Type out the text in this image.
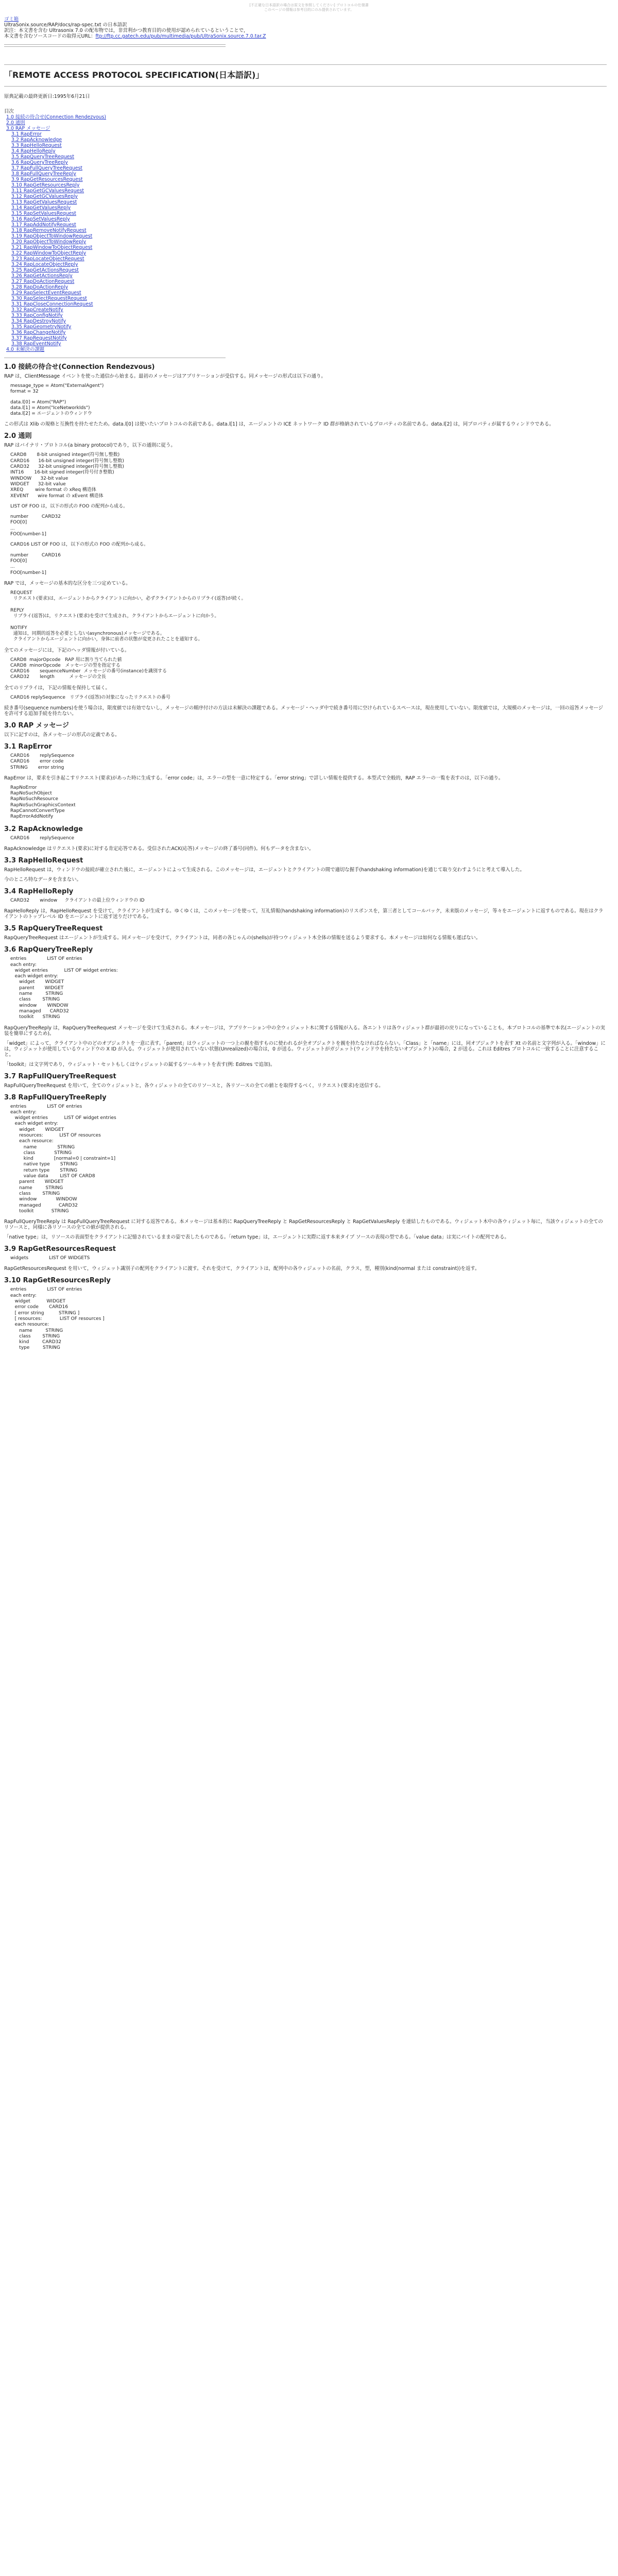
[不正確な日本語訳の場合は原文を参照してください] プロトコルの仕様書
このページの情報は参考目的にのみ提供されています。
ゴミ箱
UltraSonix.source/RAP/docs/rap-spec.txt の日本語訳
訳注：本文書を含む Ultrasonix 7.0 の配布物では，非営利かつ教育目的の使用が認められているということで，
本文書を含むソースコードの取得元URL：ftp://ftp.cc.gatech.edu/pub/multimedia/pub/UltraSonix.source.7.0.tar.Z
「REMOTE ACCESS PROTOCOL SPECIFICATION(日本語訳)」

原典記載の最終更新日:1995年6月21日

目次
1.0 接続の待合せ(Connection Rendezvous)
2.0 通則
3.0 RAP メッセージ
3.1 RapError
3.2 RapAcknowledge
3.3 RapHelloRequest
3.4 RapHelloReply
3.5 RapQueryTreeRequest
3.6 RapQueryTreeReply
3.7 RapFullQueryTreeRequest
3.8 RapFullQueryTreeReply
3.9 RapGetResourcesRequest
3.10 RapGetResourcesReply
3.11 RapGetGCValuesRequest
3.12 RapGetGCValuesReply
3.13 RapGetValuesRequest
3.14 RapGetValuesReply
3.15 RapSetValuesRequest
3.16 RapSetValuesReply
3.17 RapAddNotifyRequest
3.18 RapRemoveNotifyRequest
3.19 RapObjectToWindowRequest
3.20 RapObjectToWindowReply
3.21 RapWindowToObjectRequest
3.22 RapWindowToObjectReply
3.23 RapLocateObjectRequest
3.24 RapLocateObjectReply
3.25 RapGetActionsRequest
3.26 RapGetActionsReply
3.27 RapDoActionRequest
3.28 RapDoActionReply
3.29 RapSelectEventRequest
3.30 RapSelectRequestRequest
3.31 RapCloseConnectionRequest
3.32 RapCreateNotify
3.33 RapConfigNotify
3.34 RapDestroyNotify
3.35 RapGeometryNotify
3.36 RapChangeNotify
3.37 RapRequestNotify
3.38 RapEventNotify
4.0 未解決の課題
1.0 接続の待合せ(Connection Rendezvous)

RAP は，ClientMessage イベントを使った通信から始まる。最初のメッセージはアプリケーションが受信する。同メッセージの形式は以下の通り。

message_type = Atom("ExternalAgent")
format = 32
data.l[0] = Atom("RAP")
data.l[1] = Atom("IceNetworkIds")
data.l[2] = エージェントのウィンドウ

この形式は Xlib の規格と互換性を持たせたため。data.l[0] は使いたいプロトコルの名前である。data.l[1] は，エージェントの ICE ネットワーク ID 群が格納されているプロパティの名前である。data.l[2] は，同プロパティが属するウィンドウである。

2.0 通則

RAP はバイナリ・プロトコル(a binary protocol)であり，以下の通則に従う。

CARD8       8-bit unsigned integer(符号無し整数)
CARD16      16-bit unsigned integer(符号無し整数)
CARD32      32-bit unsigned integer(符号無し整数)
INT16       16-bit signed integer(符号付き整数)
WINDOW      32-bit value
WIDGET      32-bit value
XREQ        wire format の xReq 構造体
XEVENT      wire format の xEvent 構造体
LIST OF FOO は，以下の形式の FOO の配列から成る。
number         CARD32
FOO[0]
...
FOO[number-1]
CARD16 LIST OF FOO は，以下の形式の FOO の配列から成る。
number         CARD16
FOO[0]
...
FOO[number-1]

RAP では，メッセージの基本的な区分を三つ定めている。

REQUEST
リクエスト(要求)は，エージェントからクライアントに向かい，必ずクライアントからのリプライ(返答)が続く。

REPLY
リプライ(返答)は，リクエスト(要求)を受けて生成され，クライアントからエージェントに向かう。

NOTIFY
通知は，同期的返答を必要としない(asynchronous)メッセージである。
クライアントからエージェントに向かい，身体に前者の状態が変更されたことを通知する。

全てのメッセージには，下記のヘッダ情報が付いている。

CARD8  majorOpcode   RAP 用に割り当てられた値
CARD8  minorOpcode   メッセージの型を指定する
CARD16       sequenceNumber  メッセージの番号(instance)を識別する
CARD32       length          メッセージの全長

全てのリプライは，下記の情報を保持して届く。

CARD16 replySequence   リプライ(返答)の対象になったリクエストの番号

続き番号(sequence numbers)を使う場合は，限度値では有効でないし，メッセージの順序付けの方法は未解決の課題である。メッセージ・ヘッダ中で続き番号用に空けられているスペースは，現在使用していない。限度値では，大規模のメッセージは，一回の返答メッセージを許可する追加手続を待たない。

3.0 RAP メッセージ

以下に記すのは，各メッセージの形式の定義である。

3.1 RapError
CARD16       replySequence
CARD16       error code
STRING       error string

RapError は，要求を引き起こすリクエスト(要求)があった時に生成する。「error code」は，エラーの型を一意に特定する。「error string」で詳しい情報を提供する。本型式で全般的，RAP エラーの一覧を表すのは，以下の通り。

RapNoError
RapNoSuchObject
RapNoSuchResource
RapNoSuchGraphicsContext
RapCannotConvertType
RapErrorAddNotify
3.2 RapAcknowledge
CARD16       replySequence

RapAcknowledge はリクエスト(要求)に対する肯定応答である。受信されたACK(応答)メッセージの終了番号(同件)。何もデータを含まない。

3.3 RapHelloRequest

RapHelloRequest は，ウィンドウの接続が確立された後に，エージェントによって生成される。このメッセージは，エージェントとクライアントの間で適切な握手(handshaking information)を通じて取り交わすようにと考えて導入した。

今のところ特なデータを含まない。

3.4 RapHelloReply
CARD32       window     クライアントの最上位ウィンドウの ID

RapHelloReply は，RapHelloRequest を受けて，クライアントが生成する。ゆくゆくは，このメッセージを使って，互礼情報(handshaking information)のリスポンスを，第三者としてコールバック，未来版のメッセージ，等々をエージェントに返すものである。現在はクライアントのトップレベル ID をエージェントに返す送りだけである。

3.5 RapQueryTreeRequest

RapQueryTreeRequest はエージェントが生成する。同メッセージを受けて，クライアントは，同者の各じゃんの(shells)が持つウィジェット木全体の情報を送るよう要求する。本メッセージは如何なる情報も運ばない。

3.6 RapQueryTreeReply
entries              LIST OF entries
each entry:
widget entries           LIST OF widget entries:
each widget entry:
widget       WIDGET
parent       WIDGET
name         STRING
class        STRING
window       WINDOW
managed      CARD32
toolkit      STRING

RapQueryTreeReply は，RapQueryTreeRequest メッセージを受けて生成される。本メッセージは，アプリケーション中の全ウィジェット木に関する情報が入る。各エントリは各ウィジェット群が最初の戻りになっていることも，本プロトコルの基準で本名(エージェントの実装を簡単にするため)。

「widget」によって，クライアント中のどのオブジェクトを一意に表す。「parent」はウィジェットの一つ上の親を指すものに使われるが全オブジェクトを親を持たなければならない。「Class」と「name」には，同オブジェクトを表す Xt の名前と文字列が入る。「window」には，ウィジェットが使用しているウィンドウの X ID が入る。ウィジェットが使用されていない状態(Unrealized)の場合は，0 が送る。ウィジェットがガジェット(ウィンドウを持たないオブジェクト)の場合，2 が送る。これは Editres プロトコルに一致することに注意すること。

「toolkit」は文字列であり，ウィジェット・セットもしくはウィジェットの属するツールキットを表す(例: Editres で追加)。

3.7 RapFullQueryTreeRequest

RapFullQueryTreeRequest を用いて，全てのウィジェットと，各ウィジェットの全てのリソースと，各リソースの全ての値とを取得するべく，リクエスト(要求)を送信する。

3.8 RapFullQueryTreeReply
entries              LIST OF entries
each entry:
widget entries           LIST OF widget entries
each widget entry:
widget       WIDGET
resources:           LIST OF resources
each resource:
name              STRING
class             STRING
kind              [normal=0 | constraint=1]
native type       STRING
return type       STRING
value data        LIST OF CARD8
parent       WIDGET
name         STRING
class        STRING
window             WINDOW
managed            CARD32
toolkit            STRING

RapFullQueryTreeReply は RapFullQueryTreeRequest に対する返答である。本メッセージは基本的に RapQueryTreeReply と RapGetResourcesReply と RapGetValuesReply を連結したものである。ウィジェット木中の各ウィジェット毎に，当該ウィジェットの全てのリソースと，同様に各リソースの全ての値が提供される。

「native type」は，リソースの表面型をクライアントに記憶されているままの姿で表したものである。「return type」は，エージェントに実際に返す本来タイプ ソースの表現の型である。「value data」は実にバイトの配列である。

3.9 RapGetResourcesRequest
widgets              LIST OF WIDGETS

RapGetResourcesRequest を用いて，ウィジェット識別子の配列をクライアントに渡す。それを受けて，クライアントは，配列中の各ウィジェットの名前，クラス，型，種別(kind(normal または constraint))を返す。

3.10 RapGetResourcesReply
entries              LIST OF entries
each entry:
widget           WIDGET
error code       CARD16
[ error string          STRING ]
[ resources:            LIST OF resources ]
each resource:
name         STRING
class        STRING
kind         CARD32
type         STRING
